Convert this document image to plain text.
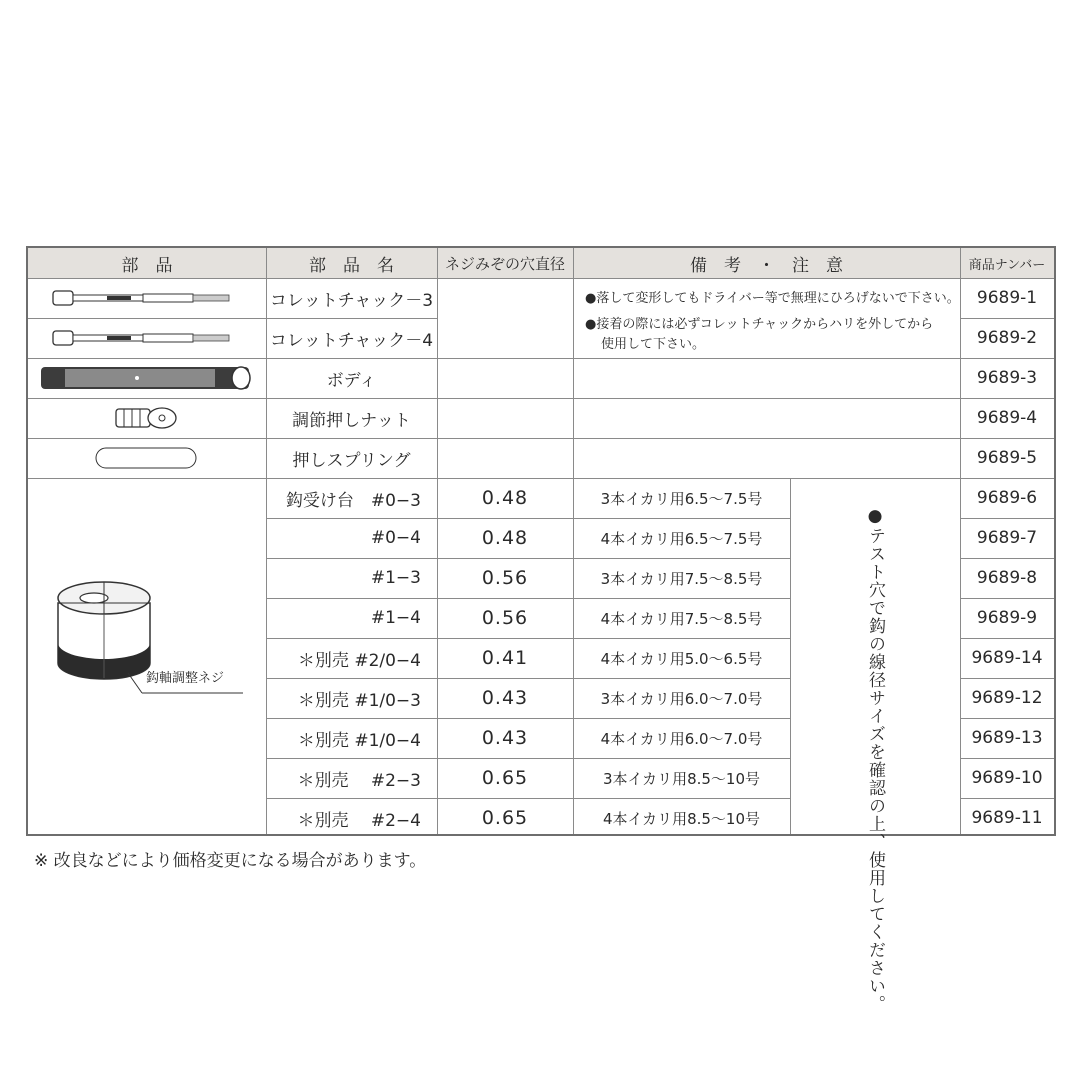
部　品	部　品　名	ネジみぞの穴直径	備　考　・　注　意	商品ナンバー
●落して変形してもドライバー等で無理にひろげないで下さい。
●接着の際には必ずコレットチャックからハリを外してから
使用して下さい。
●テスト穴で鈎の線径サイズを確認の上、使用してください。
鈎軸調整ネジ
コレットチャック－3	9689-1
コレットチャック－4	9689-2
ボディ	9689-3
調節押しナット	9689-4
押しスプリング	9689-5
鈎受け台　#0−3	0.48	3本イカリ用6.5〜7.5号	9689-6
#0−4	0.48	4本イカリ用6.5〜7.5号	9689-7
#1−3	0.56	3本イカリ用7.5〜8.5号	9689-8
#1−4	0.56	4本イカリ用7.5〜8.5号	9689-9
＊別売 #2/0−4	0.41	4本イカリ用5.0〜6.5号	9689-14
＊別売 #1/0−3	0.43	3本イカリ用6.0〜7.0号	9689-12
＊別売 #1/0−4	0.43	4本イカリ用6.0〜7.0号	9689-13
＊別売　 #2−3	0.65	3本イカリ用8.5〜10号	9689-10
＊別売　 #2−4	0.65	4本イカリ用8.5〜10号	9689-11
※ 改良などにより価格変更になる場合があります。
